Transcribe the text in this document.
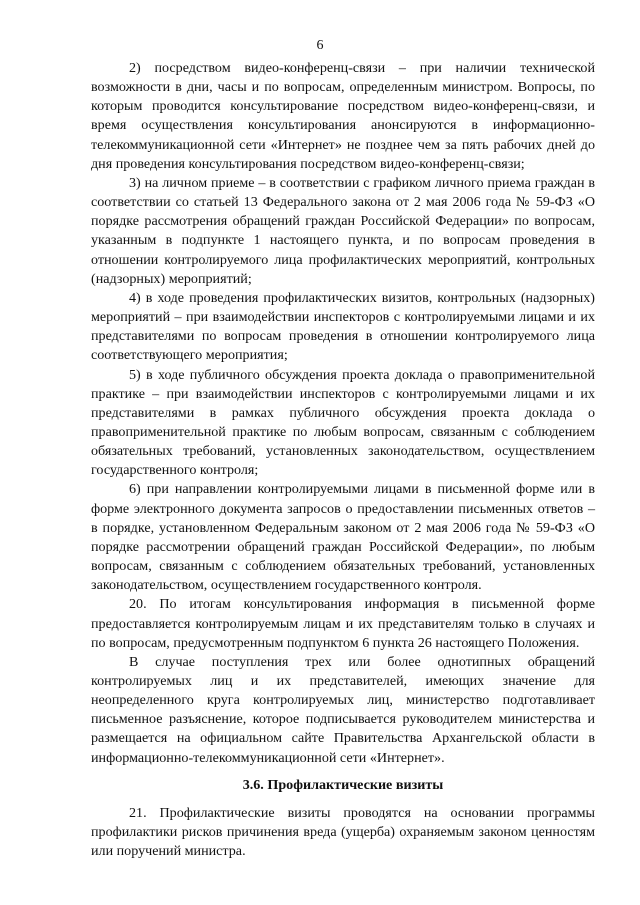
6

2) посредством видео-конференц-связи – при наличии технической возможности в дни, часы и по вопросам, определенным министром. Вопросы, по которым проводится консультирование посредством видео-конференц-связи, и время осуществления консультирования анонсируются в информационно-телекоммуникационной сети «Интернет» не позднее чем за пять рабочих дней до дня проведения консультирования посредством видео-конференц-связи;

3) на личном приеме – в соответствии с графиком личного приема граждан в соответствии со статьей 13 Федерального закона от 2 мая 2006 года № 59-ФЗ «О порядке рассмотрения обращений граждан Российской Федерации» по вопросам, указанным в подпункте 1 настоящего пункта, и по вопросам проведения в отношении контролируемого лица профилактических мероприятий, контрольных (надзорных) мероприятий;

4) в ходе проведения профилактических визитов, контрольных (надзорных) мероприятий – при взаимодействии инспекторов с контролируемыми лицами и их представителями по вопросам проведения в отношении контролируемого лица соответствующего мероприятия;

5) в ходе публичного обсуждения проекта доклада о правоприменительной практике – при взаимодействии инспекторов с контролируемыми лицами и их представителями в рамках публичного обсуждения проекта доклада о правоприменительной практике по любым вопросам, связанным с соблюдением обязательных требований, установленных законодательством, осуществлением государственного контроля;

6) при направлении контролируемыми лицами в письменной форме или в форме электронного документа запросов о предоставлении письменных ответов – в порядке, установленном Федеральным законом от 2 мая 2006 года № 59-ФЗ «О порядке рассмотрении обращений граждан Российской Федерации», по любым вопросам, связанным с соблюдением обязательных требований, установленных законодательством, осуществлением государственного контроля.

20. По итогам консультирования информация в письменной форме предоставляется контролируемым лицам и их представителям только в случаях и по вопросам, предусмотренным подпунктом 6 пункта 26 настоящего Положения.

В случае поступления трех или более однотипных обращений контролируемых лиц и их представителей, имеющих значение для неопределенного круга контролируемых лиц, министерство подготавливает письменное разъяснение, которое подписывается руководителем министерства и размещается на официальном сайте Правительства Архангельской области в информационно-телекоммуникационной сети «Интернет».

3.6. Профилактические визиты

21. Профилактические визиты проводятся на основании программы профилактики рисков причинения вреда (ущерба) охраняемым законом ценностям или поручений министра.
